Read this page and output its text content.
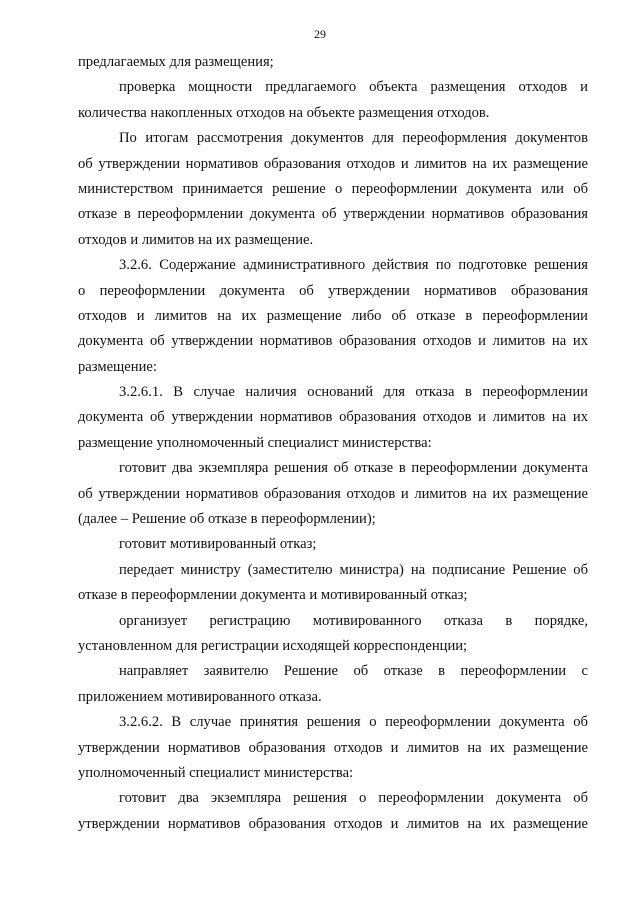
29
предлагаемых для размещения;
проверка мощности предлагаемого объекта размещения отходов и
количества накопленных отходов на объекте размещения отходов.
По итогам рассмотрения документов для переоформления документов
об утверждении нормативов образования отходов и лимитов на их размещение
министерством принимается решение о переоформлении документа или об
отказе в переоформлении документа об утверждении нормативов образования
отходов и лимитов на их размещение.
3.2.6. Содержание административного действия по подготовке решения
о переоформлении документа об утверждении нормативов образования
отходов и лимитов на их размещение либо об отказе в переоформлении
документа об утверждении нормативов образования отходов и лимитов на их
размещение:
3.2.6.1. В случае наличия оснований для отказа в переоформлении
документа об утверждении нормативов образования отходов и лимитов на их
размещение уполномоченный специалист министерства:
готовит два экземпляра решения об отказе в переоформлении документа
об утверждении нормативов образования отходов и лимитов на их размещение
(далее – Решение об отказе в переоформлении);
готовит мотивированный отказ;
передает министру (заместителю министра) на подписание Решение об
отказе в переоформлении документа и мотивированный отказ;
организует регистрацию мотивированного отказа в порядке,
установленном для регистрации исходящей корреспонденции;
направляет заявителю Решение об отказе в переоформлении с
приложением мотивированного отказа.
3.2.6.2. В случае принятия решения о переоформлении документа об
утверждении нормативов образования отходов и лимитов на их размещение
уполномоченный специалист министерства:
готовит два экземпляра решения о переоформлении документа об
утверждении нормативов образования отходов и лимитов на их размещение
